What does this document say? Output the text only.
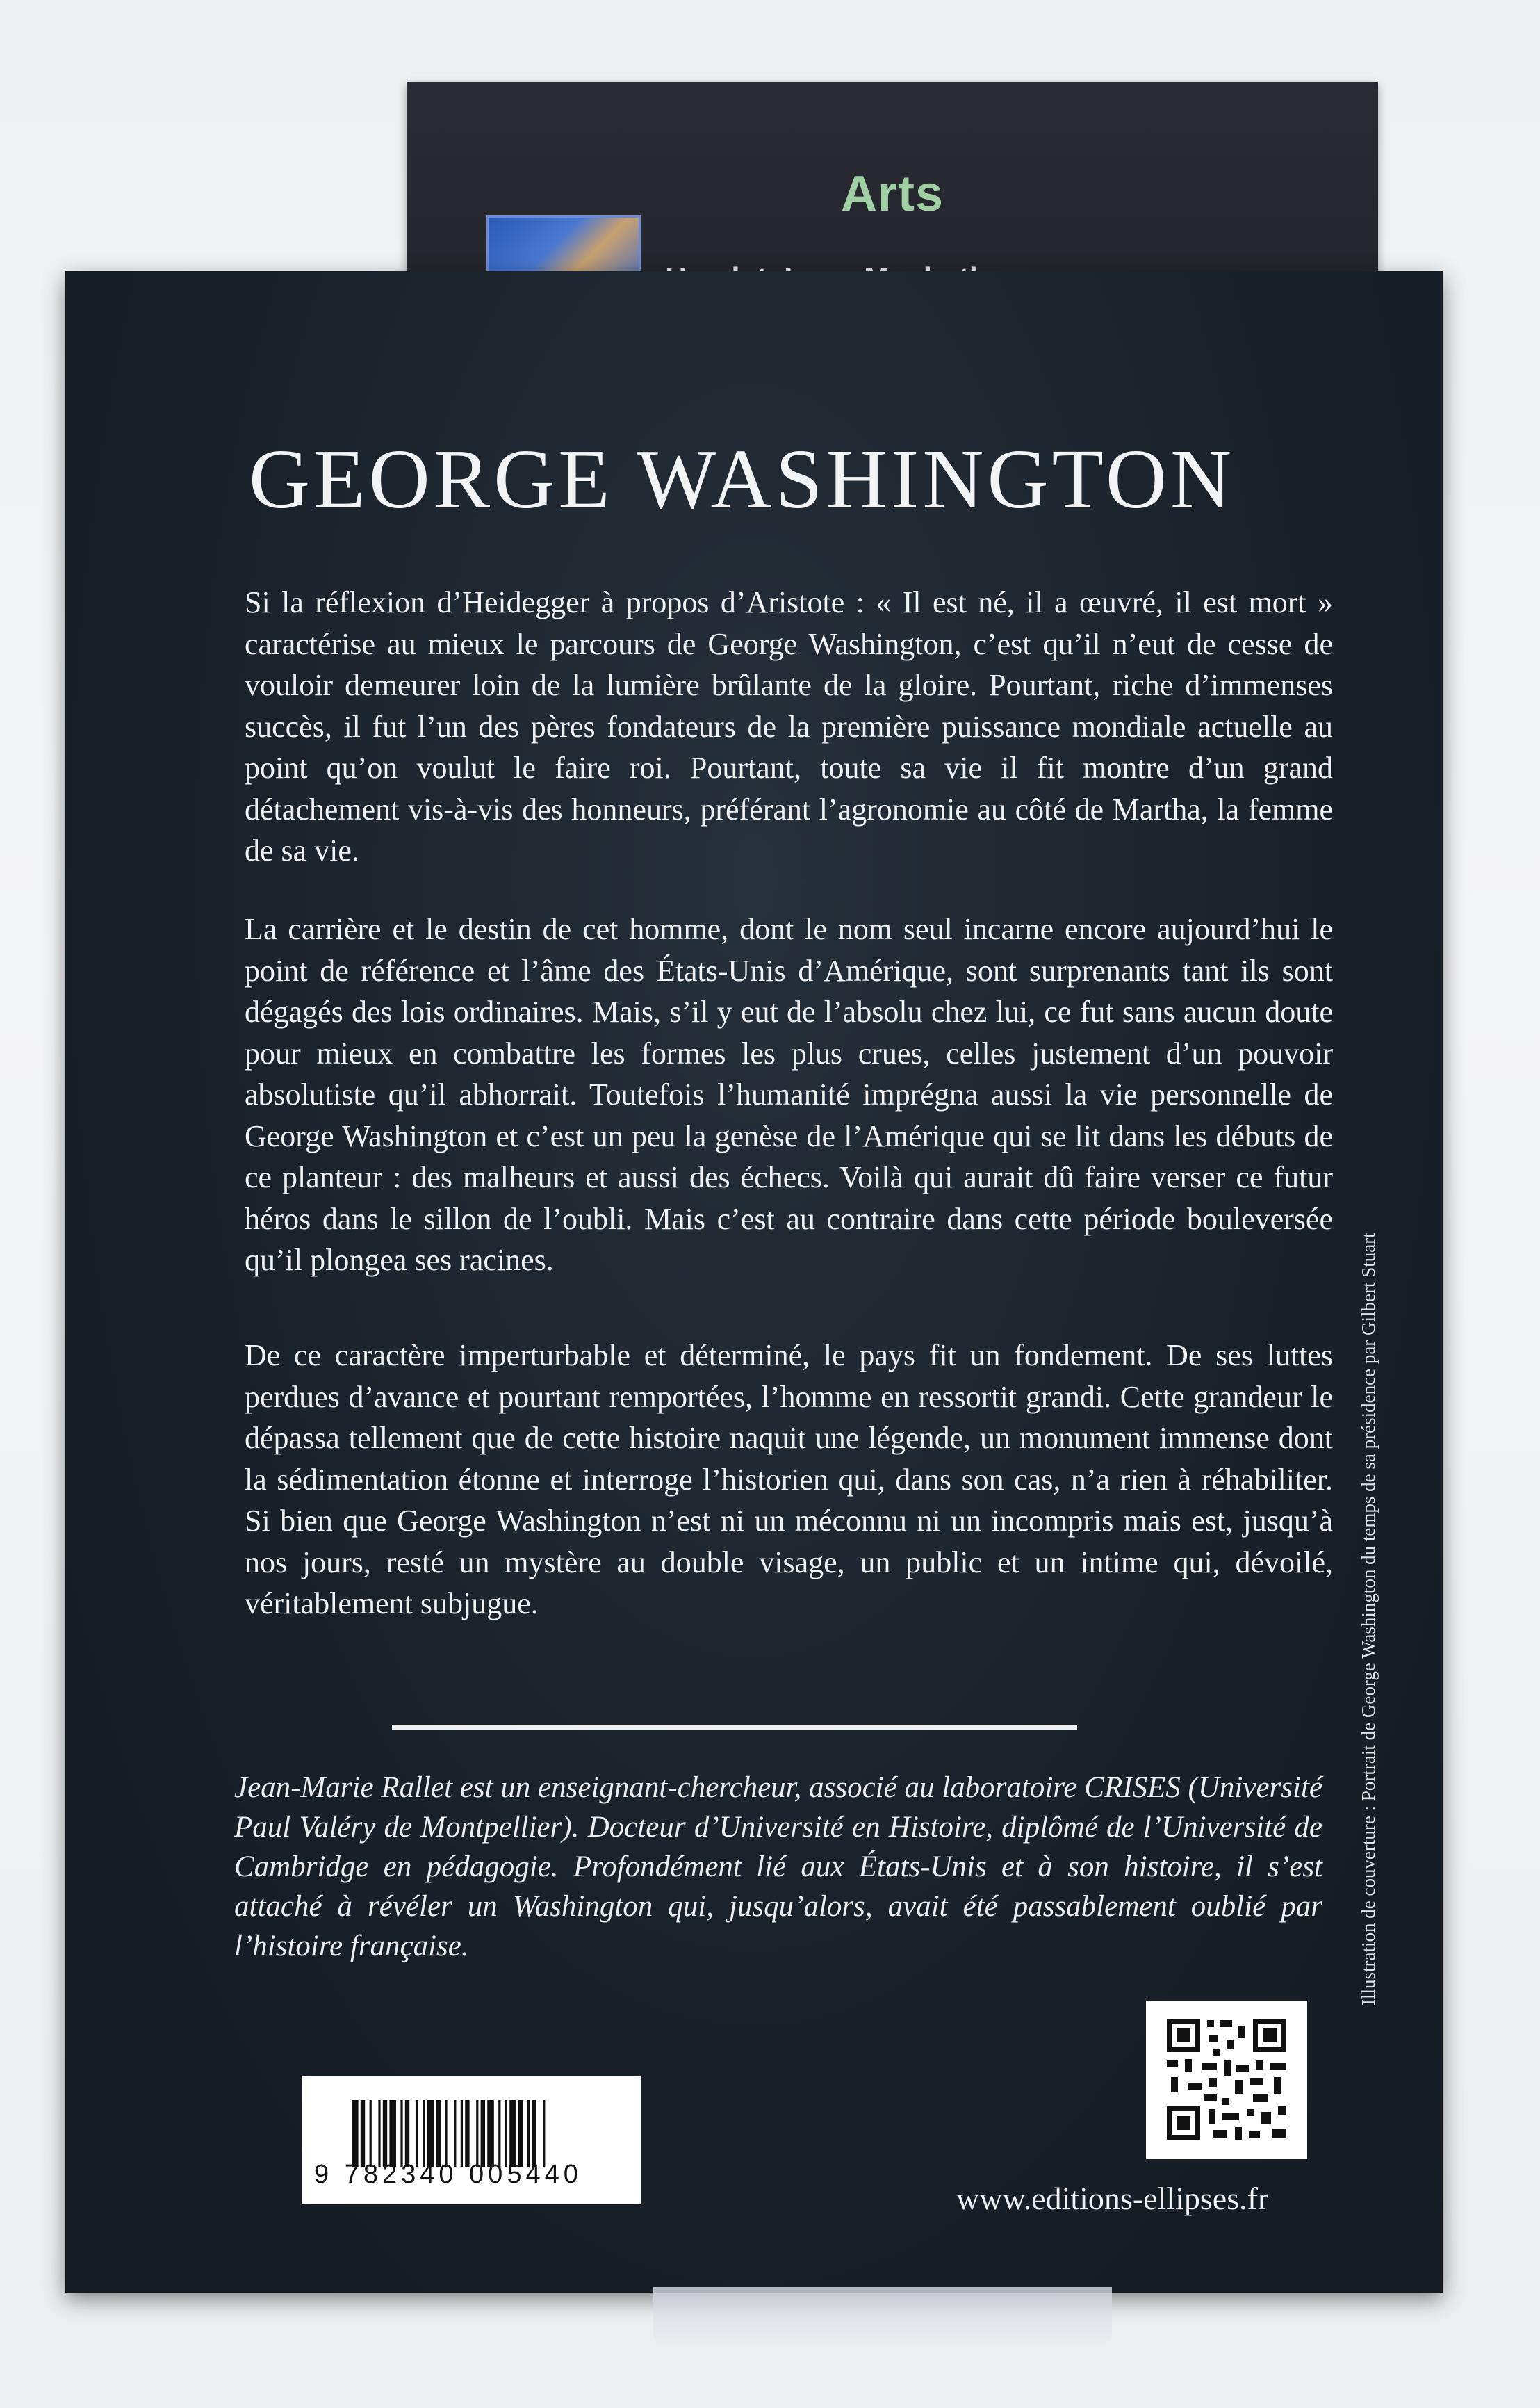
Arts
GEORGE WASHINGTON

Si la réflexion d’Heidegger à propos d’Aristote : « Il est né, il a œuvré, il est mort » caractérise au mieux le parcours de George Washington, c’est qu’il n’eut de cesse de vouloir demeurer loin de la lumière brûlante de la gloire. Pourtant, riche d’immenses succès, il fut l’un des pères fondateurs de la première puissance mondiale actuelle au point qu’on voulut le faire roi. Pourtant, toute sa vie il fit montre d’un grand détachement vis-à-vis des honneurs, préférant l’agronomie au côté de Martha, la femme de sa vie.

La carrière et le destin de cet homme, dont le nom seul incarne encore aujourd’hui le point de référence et l’âme des États-Unis d’Amérique, sont surprenants tant ils sont dégagés des lois ordinaires. Mais, s’il y eut de l’absolu chez lui, ce fut sans aucun doute pour mieux en combattre les formes les plus crues, celles justement d’un pouvoir absolutiste qu’il abhorrait. Toutefois l’humanité imprégna aussi la vie personnelle de George Washington et c’est un peu la genèse de l’Amérique qui se lit dans les débuts de ce planteur : des malheurs et aussi des échecs. Voilà qui aurait dû faire verser ce futur héros dans le sillon de l’oubli. Mais c’est au contraire dans cette période bouleversée qu’il plongea ses racines.

De ce caractère imperturbable et déterminé, le pays fit un fondement. De ses luttes perdues d’avance et pourtant remportées, l’homme en ressortit grandi. Cette grandeur le dépassa tellement que de cette histoire naquit une légende, un monument immense dont la sédimentation étonne et interroge l’historien qui, dans son cas, n’a rien à réhabiliter. Si bien que George Washington n’est ni un méconnu ni un incompris mais est, jusqu’à nos jours, resté un mystère au double visage, un public et un intime qui, dévoilé, véritablement subjugue.

Jean-Marie Rallet est un enseignant-chercheur, associé au laboratoire CRISES (Université Paul Valéry de Montpellier). Docteur d’Université en Histoire, diplômé de l’Université de Cambridge en pédagogie. Profondément lié aux États-Unis et à son histoire, il s’est attaché à révéler un Washington qui, jusqu’alors, avait été passablement oublié par l’histoire française.	Illustration de couverture : Portrait de George Washington du temps de sa présidence par Gilbert Stuart
9 782340 005440
www.editions-ellipses.fr
